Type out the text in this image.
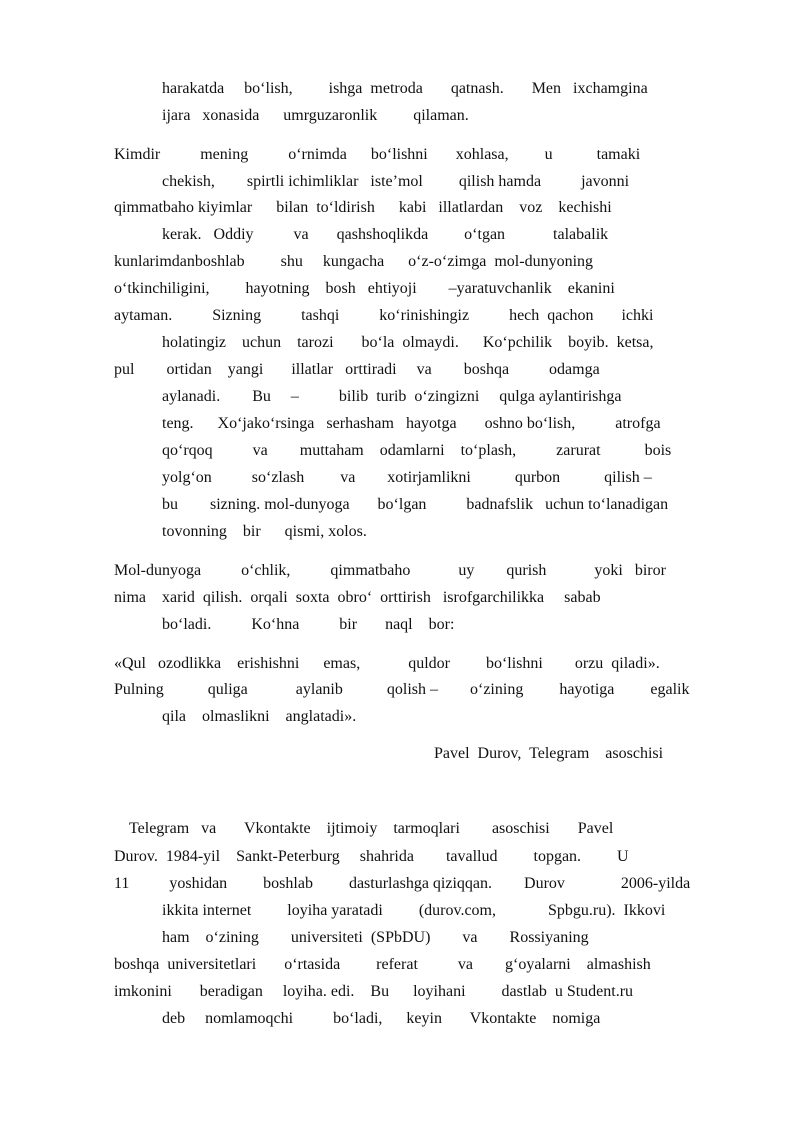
harakatda     bo‘lish,         ishga  metroda       qatnash.       Men   ixchamgina
ijara   xonasida      umrguzaronlik         qilaman.
Kimdir          mening          o‘rnimda      bo‘lishni       xohlasa,         u           tamaki
chekish,        spirtli ichimliklar   iste’mol         qilish hamda          javonni
qimmatbaho kiyimlar      bilan  to‘ldirish      kabi   illatlardan    voz    kechishi
kerak.   Oddiy          va       qashshoqlikda         o‘tgan            talabalik
kunlarimdanboshlab         shu     kungacha      o‘z-o‘zimga  mol-dunyoning
o‘tkinchiligini,         hayotning    bosh   ehtiyoji        –yaratuvchanlik    ekanini
aytaman.          Sizning          tashqi          ko‘rinishingiz          hech  qachon       ichki
holatingiz    uchun    tarozi       bo‘la  olmaydi.      Ko‘pchilik    boyib.  ketsa,
pul        ortidan    yangi       illatlar   orttiradi     va        boshqa          odamga
aylanadi.        Bu     –          bilib  turib  o‘zingizni     qulga aylantirishga
teng.      Xo‘jako‘rsinga   serhasham   hayotga       oshno bo‘lish,          atrofga
qo‘rqoq          va        muttaham    odamlarni    to‘plash,          zarurat           bois
yolg‘on          so‘zlash         va        xotirjamlikni           qurbon           qilish –
bu        sizning. mol-dunyoga       bo‘lgan          badnafslik   uchun to‘lanadigan
tovonning    bir      qismi, xolos.
Mol-dunyoga          o‘chlik,          qimmatbaho            uy        qurish            yoki   biror
nima    xarid  qilish.  orqali  soxta  obro‘  orttirish   isrofgarchilikka     sabab
bo‘ladi.          Ko‘hna          bir       naql    bor:
«Qul   ozodlikka    erishishni      emas,            quldor         bo‘lishni        orzu  qiladi».
Pulning           quliga            aylanib           qolish –        o‘zining         hayotiga         egalik
qila    olmaslikni    anglatadi».
Pavel  Durov,  Telegram    asoschisi
Telegram   va       Vkontakte    ijtimoiy    tarmoqlari        asoschisi       Pavel
Durov.  1984-yil    Sankt-Peterburg     shahrida        tavallud         topgan.         U
11          yoshidan         boshlab         dasturlashga qiziqqan.        Durov              2006-yilda
ikkita internet         loyiha yaratadi         (durov.com,             Spbgu.ru).  Ikkovi
ham    o‘zining        universiteti  (SPbDU)        va        Rossiyaning
boshqa  universitetlari       o‘rtasida         referat          va        g‘oyalarni    almashish
imkonini       beradigan     loyiha. edi.    Bu      loyihani         dastlab  u Student.ru
deb     nomlamoqchi          bo‘ladi,      keyin       Vkontakte    nomiga
